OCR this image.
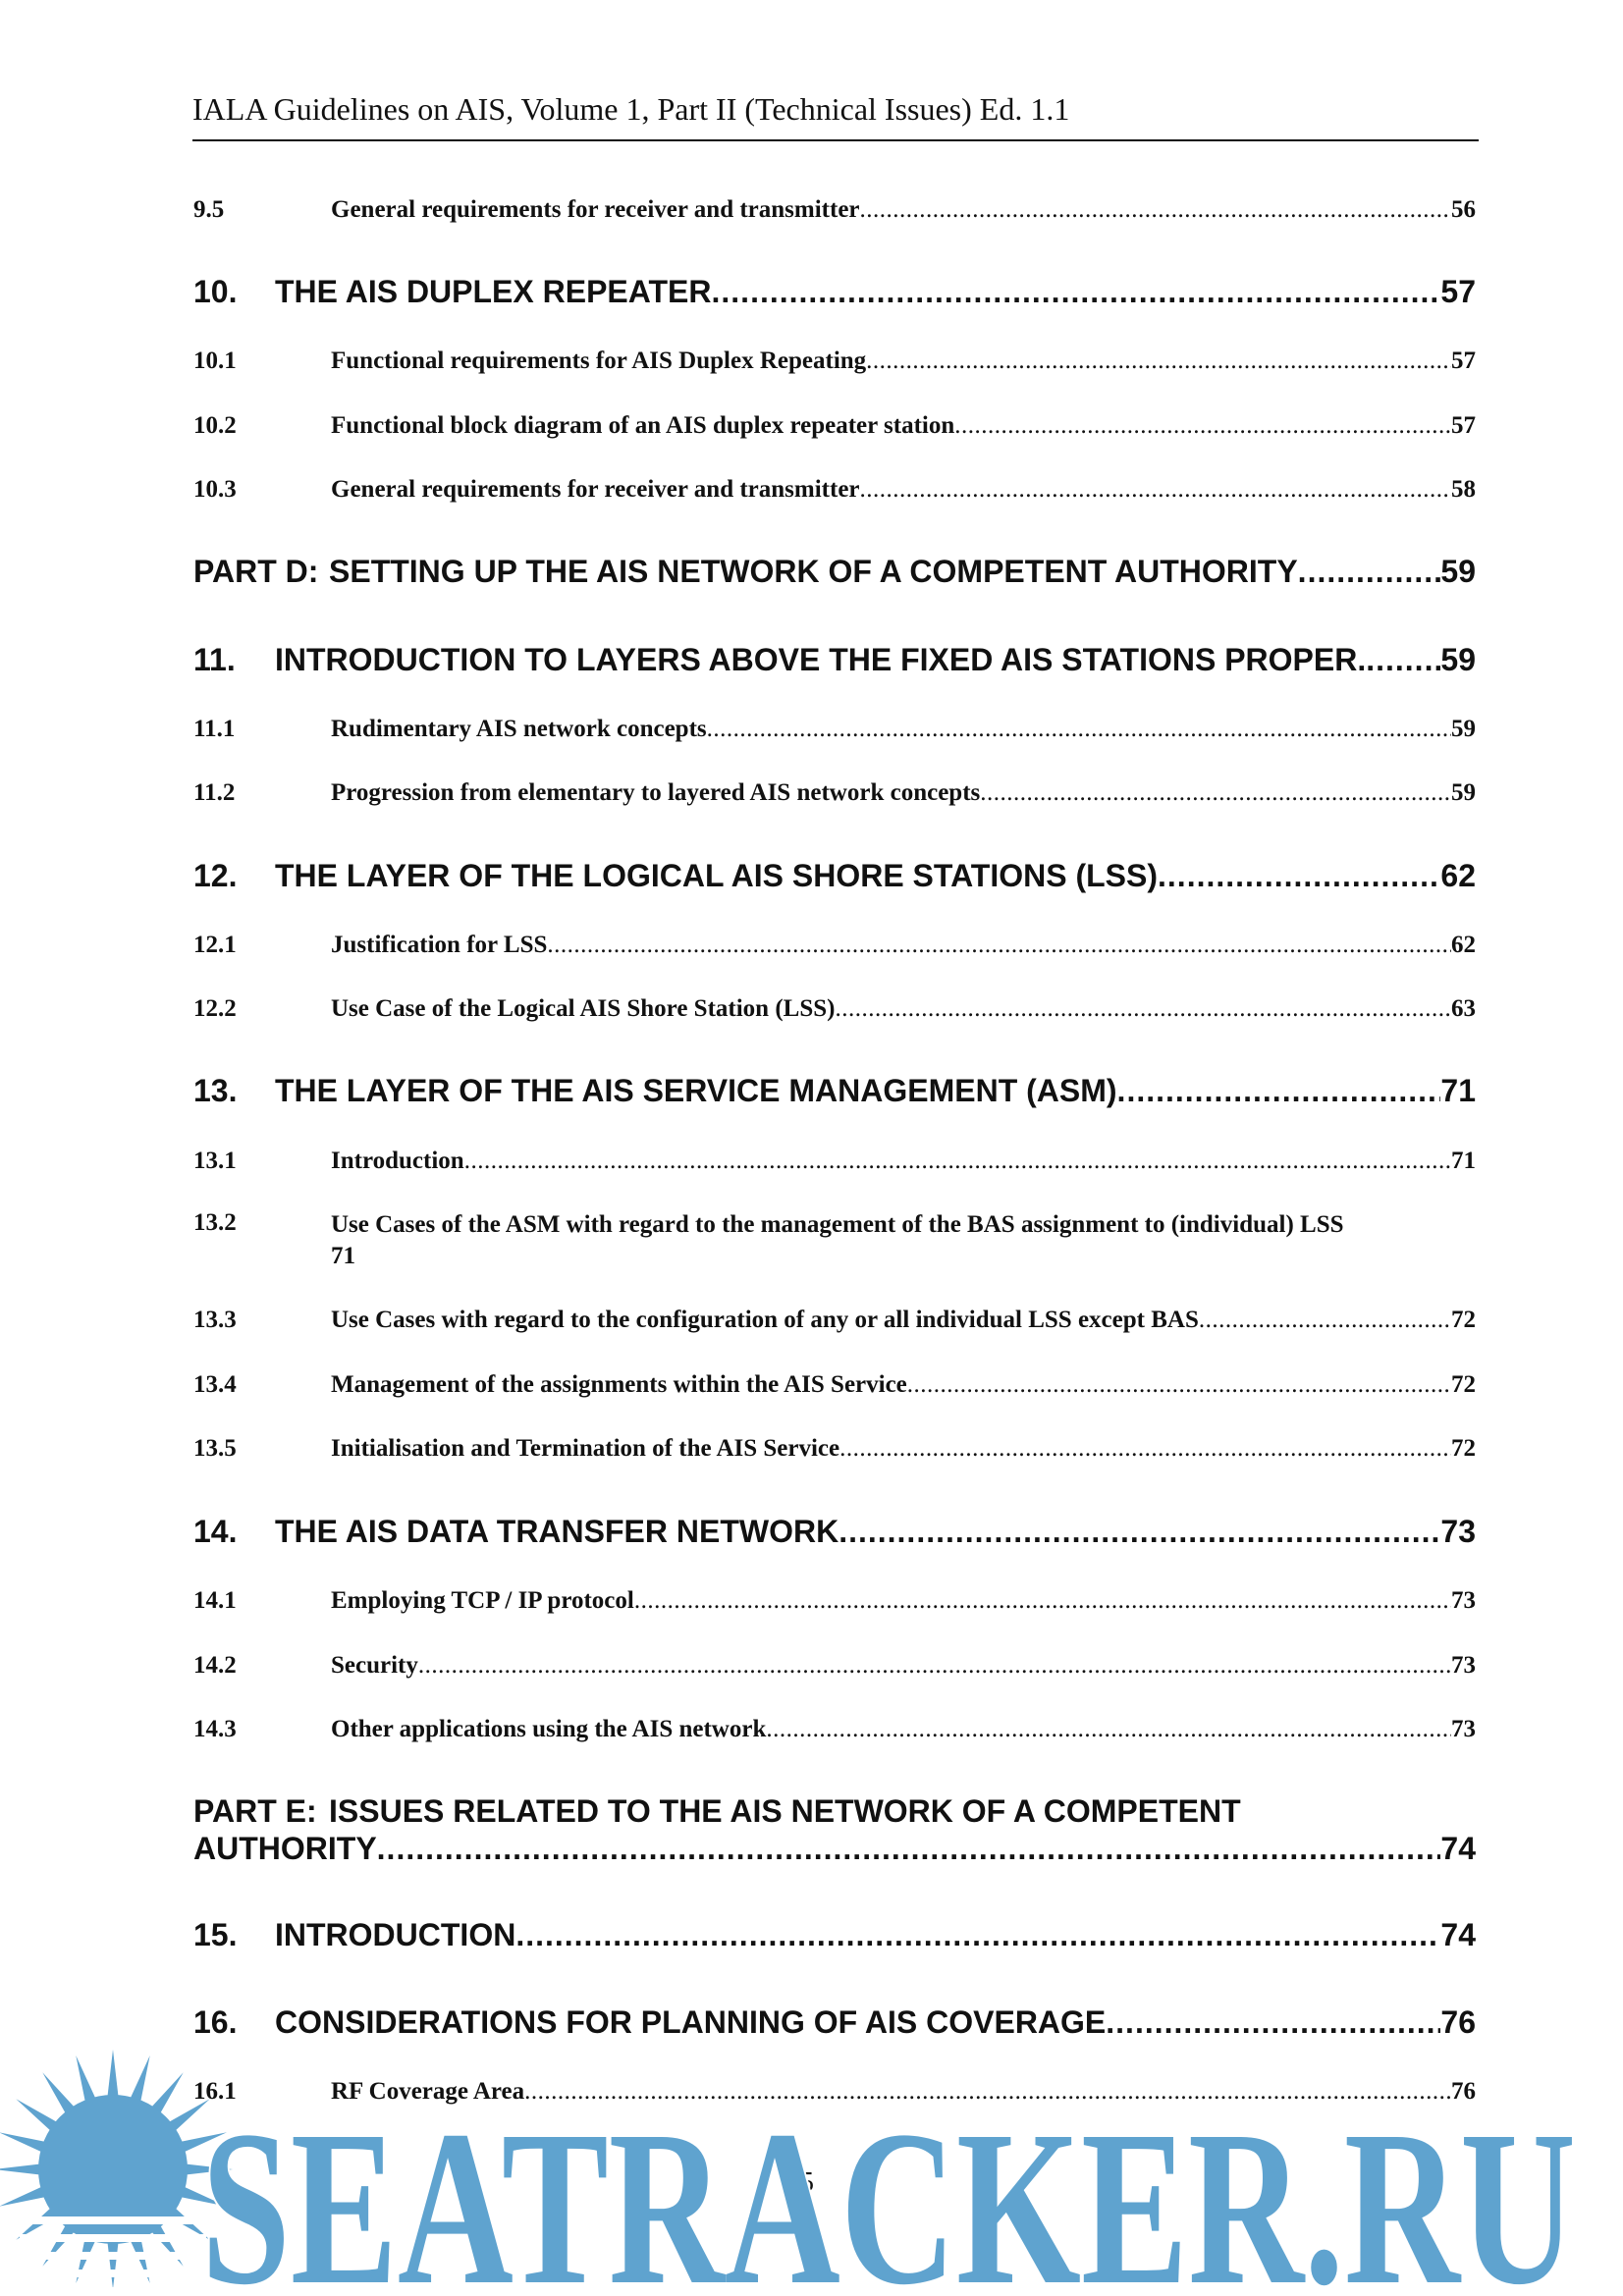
IALA Guidelines on AIS, Volume 1, Part II (Technical Issues) Ed. 1.1
9.5	General requirements for receiver and transmitter .....	56
10.	THE AIS DUPLEX REPEATER .....	57
10.1	Functional requirements for AIS Duplex Repeating .....	57
10.2	Functional block diagram of an AIS duplex repeater station .....	57
10.3	General requirements for receiver and transmitter .....	58
PART D: SETTING UP THE AIS NETWORK OF A COMPETENT AUTHORITY .....	59
11.	INTRODUCTION TO LAYERS ABOVE THE FIXED AIS STATIONS PROPER. ..... 59
11.1	Rudimentary AIS network concepts .....	59
11.2	Progression from elementary to layered AIS network concepts .....	59
12.	THE LAYER OF THE LOGICAL AIS SHORE STATIONS (LSS) .....	62
12.1	Justification for LSS .....	62
12.2	Use Case of the Logical AIS Shore Station (LSS) .....	63
13.	THE LAYER OF THE AIS SERVICE MANAGEMENT (ASM) .....	71
13.1	Introduction .....	71
13.2	Use Cases of the ASM with regard to the management of the BAS assignment to (individual) LSS
71
13.3	Use Cases with regard to the configuration of any or all individual LSS except BAS .....	72
13.4	Management of the assignments within the AIS Service .....	72
13.5	Initialisation and Termination of the AIS Service .....	72
14.	THE AIS DATA TRANSFER NETWORK .....	73
14.1	Employing TCP / IP protocol .....	73
14.2	Security .....	73
14.3	Other applications using the AIS network .....	73
PART E: ISSUES RELATED TO THE AIS NETWORK OF A COMPETENT
AUTHORITY .....	74
15.	INTRODUCTION .....	74
16.	CONSIDERATIONS FOR PLANNING OF AIS COVERAGE .....	76
16.1	RF Coverage Area .....	76
5
SEATRACKER.RU
